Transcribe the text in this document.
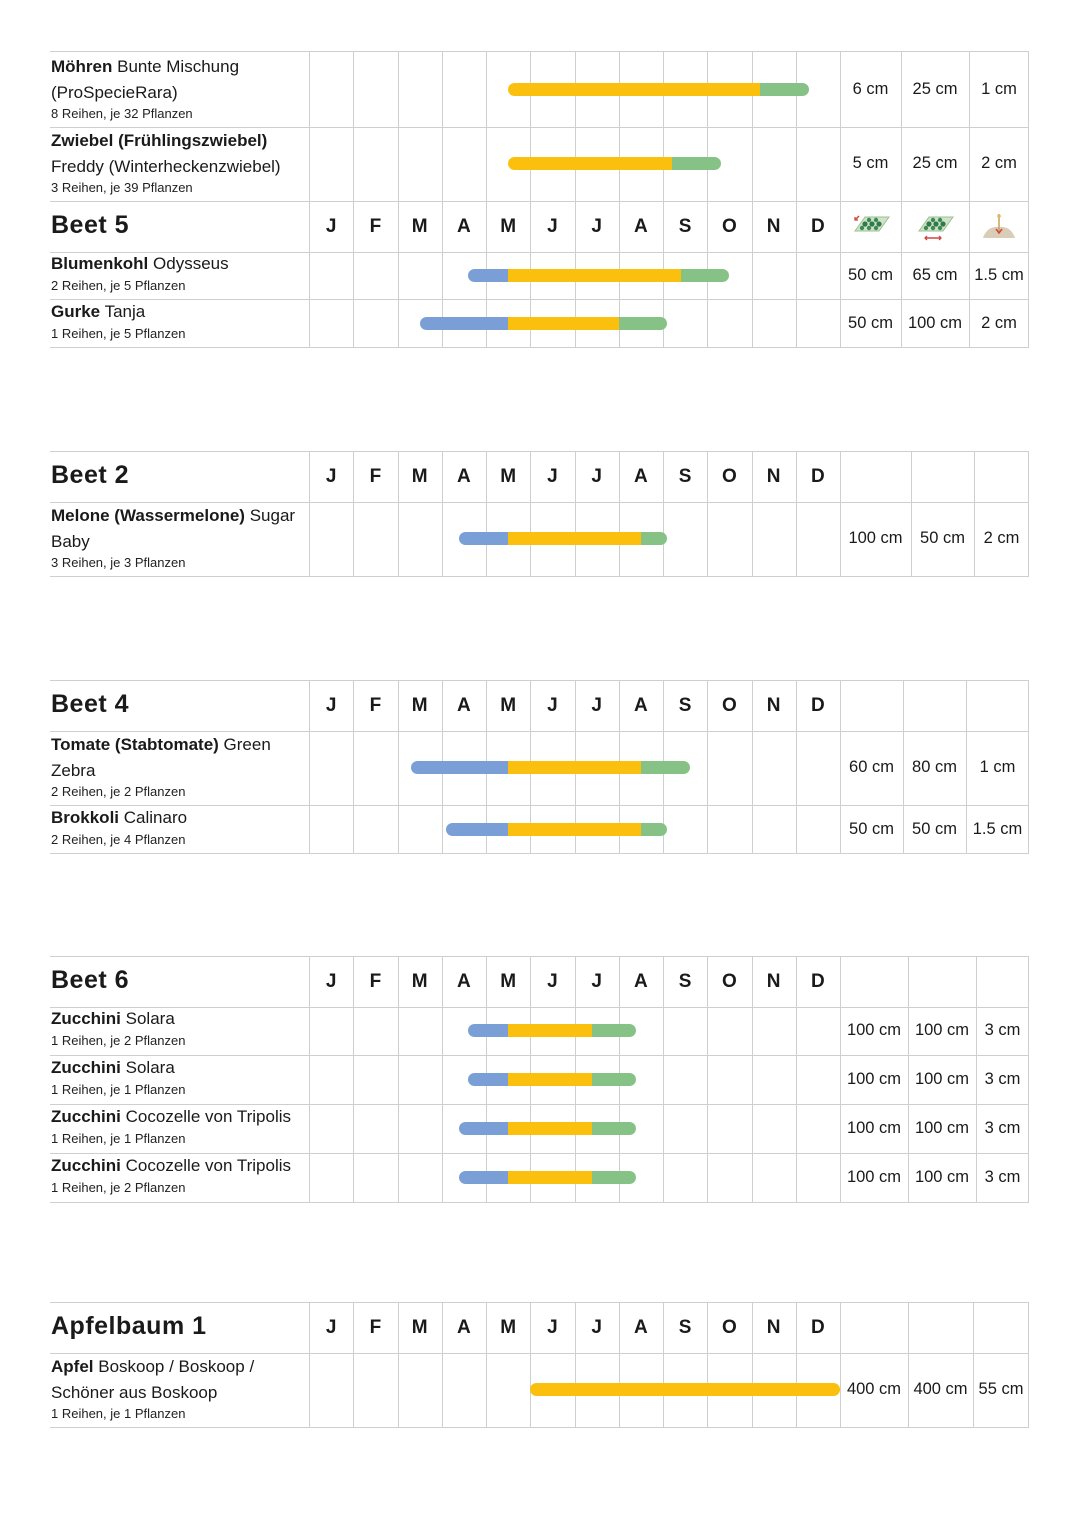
Möhren Bunte Mischung
(ProSpecieRara)
8 Reihen, je 32 Pflanzen
6 cm	25 cm	1 cm
Zwiebel (Frühlingszwiebel)
Freddy (Winterheckenzwiebel)
3 Reihen, je 39 Pflanzen
5 cm	25 cm	2 cm
Beet 5	J	F	M	A	M	J	J	A	S	O	N	D
Blumenkohl Odysseus
2 Reihen, je 5 Pflanzen
50 cm	65 cm	1.5 cm
Gurke Tanja
1 Reihen, je 5 Pflanzen
50 cm 100 cm	2 cm
Beet 2	J	F	M	A	M	J	J	A	S	O	N	D
Melone (Wassermelone) Sugar
Baby
3 Reihen, je 3 Pflanzen
100 cm	50 cm	2 cm
Beet 4	J	F	M	A	M	J	J	A	S	O	N	D
Tomate (Stabtomate) Green
Zebra
2 Reihen, je 2 Pflanzen
60 cm	80 cm	1 cm
Brokkoli Calinaro
2 Reihen, je 4 Pflanzen
50 cm	50 cm 1.5 cm
Beet 6	J	F	M	A	M	J	J	A	S	O	N	D
Zucchini Solara
1 Reihen, je 2 Pflanzen
100 cm 100 cm 3 cm
Zucchini Solara
1 Reihen, je 1 Pflanzen
100 cm 100 cm 3 cm
Zucchini Cocozelle von Tripolis
1 Reihen, je 1 Pflanzen
100 cm 100 cm 3 cm
Zucchini Cocozelle von Tripolis
1 Reihen, je 2 Pflanzen
100 cm 100 cm 3 cm
Apfelbaum 1	J	F	M	A	M	J	J	A	S	O	N	D
Apfel Boskoop / Boskoop /
Schöner aus Boskoop
1 Reihen, je 1 Pflanzen
400 cm 400 cm 55 cm
